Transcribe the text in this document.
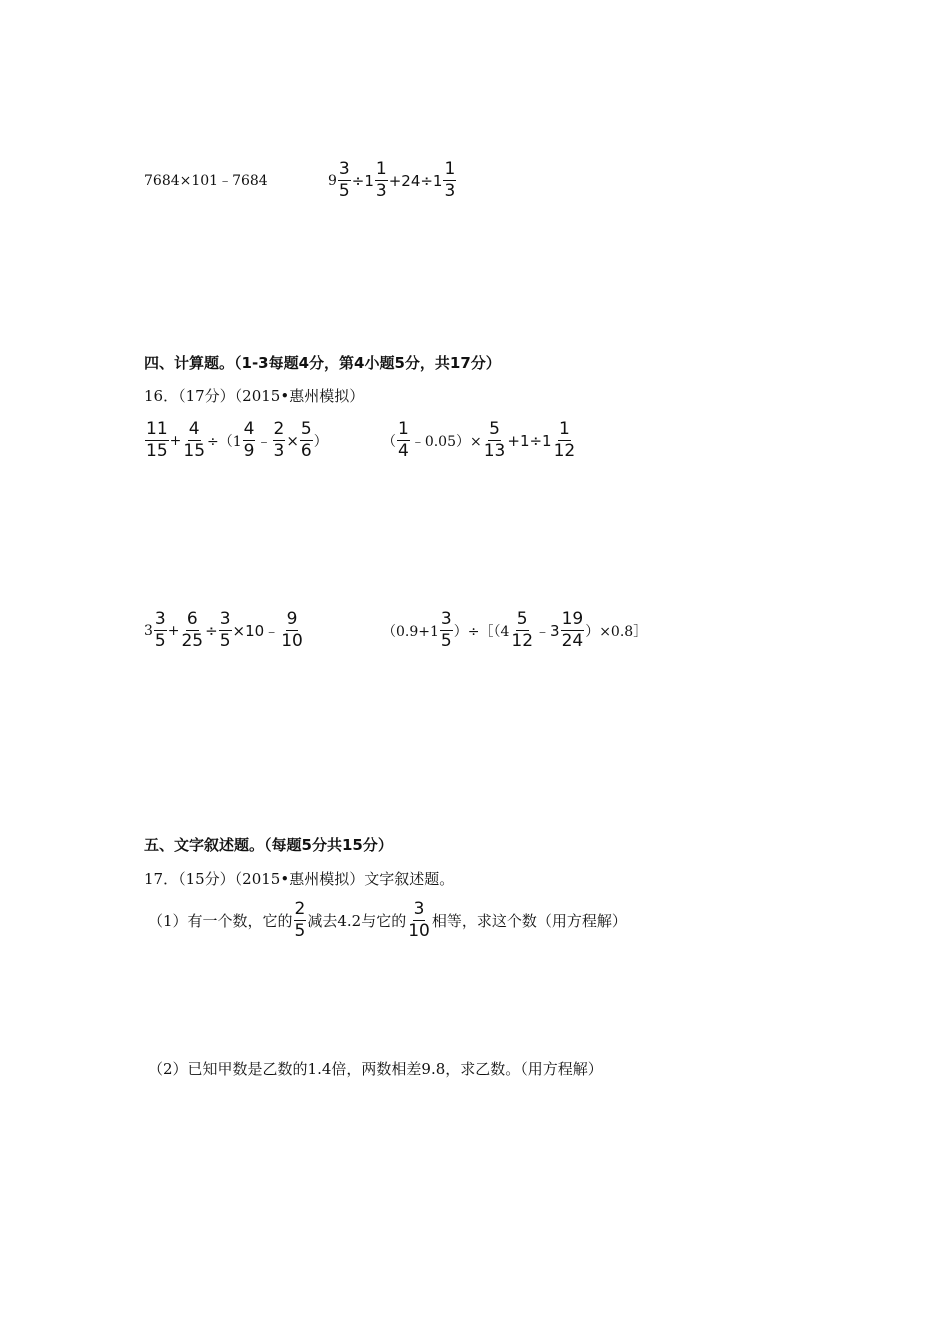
7684×101﹣7684	$9 \frac{3}{5} \div 1 \frac{1}{3} +24\div 1 \frac{1}{3}$
四、计算题。（1-3每题4分，第4小题5分，共17分）
16．（17分）（2015•惠州模拟）
$\frac{11}{15} + \frac{4}{15} \div(1 \frac{4}{9}$ ﹣ $\frac{2}{3} \times \frac{5}{6}$ ）	（ $\frac{1}{4}$ ﹣0.05）× $\frac{5}{13} +1\div 1 \frac{1}{12}$
$3 \frac{3}{5} + \frac{6}{25} \div \frac{3}{5}$ ×10﹣ $\frac{9}{10}$	（$0.9+1 \frac{3}{5}$ ）÷［（4 $\frac{5}{12}$ ﹣3 $\frac{19}{24}$ ）×0.8］
五、文字叙述题。（每题5分共15分）
17．（15分）（2015•惠州模拟）文字叙述题。
（1）有一个数，它的 $\frac{2}{5}$ 减去4.2与它的 $\frac{3}{10}$ 相等，求这个数（用方程解）
（2）已知甲数是乙数的1.4倍，两数相差9.8，求乙数。（用方程解）
